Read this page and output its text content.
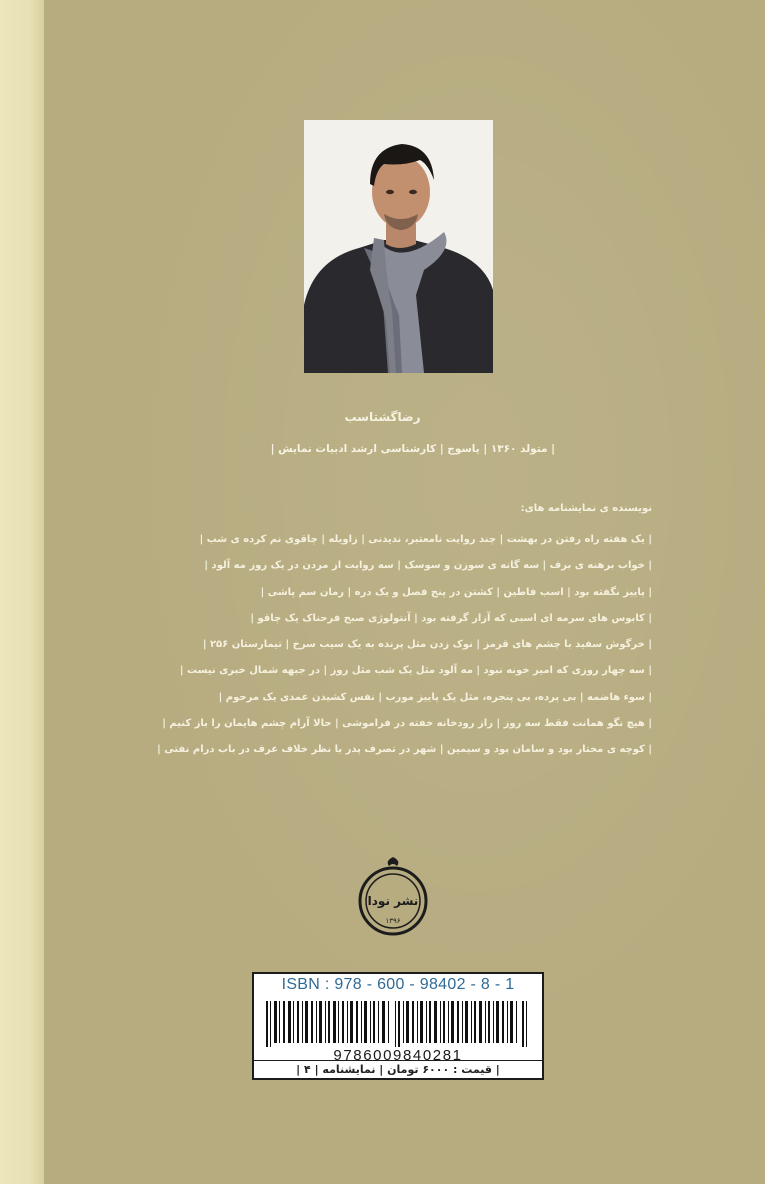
رضاگشتاسب
| متولد ۱۳۶۰ | یاسوج | کارشناسی ارشد ادبیات نمایش |
نویسنده ی نمایشنامه های:
| یک هفته راه رفتن در بهشت | چند روایت نامعتبر، ندیدنی | زاویله | چاقوی نم کرده ی شب |
| خواب برهنه ی برف | سه گانه ی سوزن و سوسک | سه روایت از مردن در یک روز مه آلود |
| پاییز نگفته بود | اسب فاطین | کشتن در پنج فصل و یک دره | رمان سم پاشی |
| کابوس های سرمه ای اسبی که آزار گرفته بود | آنتولوژی صبح فرحناک یک چاقو |
| خرگوش سفید با چشم های قرمز | نوک زدن مثل پرنده به یک سیب سرخ | تیمارستان ۲۵۶ |
| سه چهار روزی که امیر خونه نبود | مه آلود مثل یک شب مثل روز | در جبهه شمال خبری نیست |
| سوء هاضمه | بی پرده، بی پنجره، مثل یک پاییز مورب | نفس کشیدن عمدی یک مرحوم |
| هیچ نگو همانت فقط سه روز | راز رودخانه خفته در فراموشی | حالا آرام چشم هایمان را باز کنیم |
| کوچه ی مختار بود و سامان بود و سیمین | شهر در تصرف پدر یا نظر خلاف عرف در باب درام نفتی |
نشر نودا
۱۳۹۶
ISBN : 978 - 600 - 98402 - 8 - 1
9786009840281
| قیمت : ۶۰۰۰ تومان | نمایشنامه | ۴ |
